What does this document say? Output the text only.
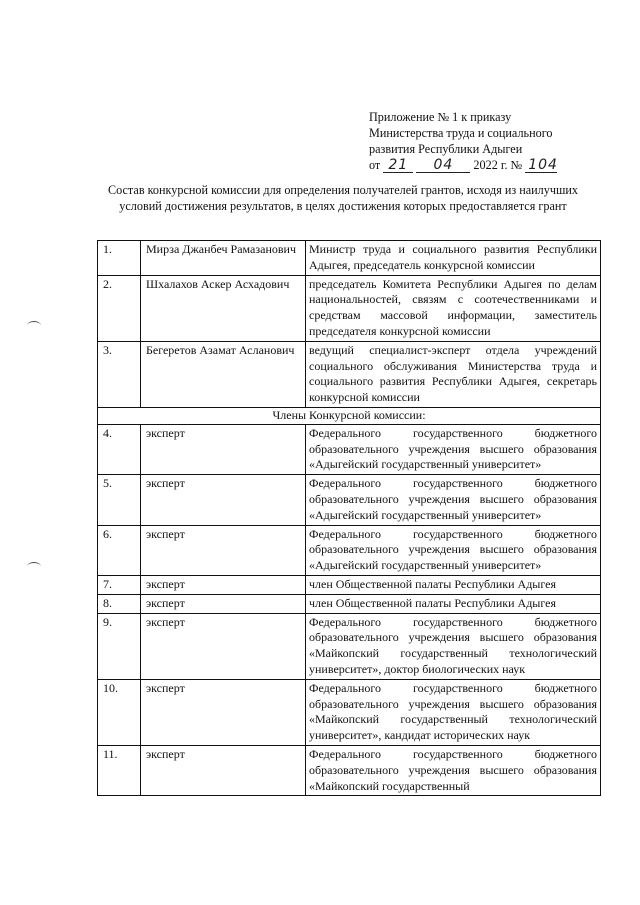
Приложение № 1 к приказу
Министерства труда и социального
развития Республики Адыгеи
от 21 04 2022 г. № 104
Состав конкурсной комиссии для определения получателей грантов, исходя из наилучших условий достижения результатов, в целях достижения которых предоставляется грант
1.	Мирза Джанбеч Рамазанович	Министр труда и социального развития Республики Адыгея, председатель конкурсной комиссии
2.	Шхалахов Аскер Асхадович	председатель Комитета Республики Адыгея по делам национальностей, связям с соотечественниками и средствам массовой информации, заместитель председателя конкурсной комиссии
3.	Бегеретов Азамат Асланович	ведущий специалист-эксперт отдела учреждений социального обслуживания Министерства труда и социального развития Республики Адыгея, секретарь конкурсной комиссии
Члены Конкурсной комиссии:		
4.	эксперт	Федерального государственного бюджетного образовательного учреждения высшего образования «Адыгейский государственный университет»
5.	эксперт	Федерального государственного бюджетного образовательного учреждения высшего образования «Адыгейский государственный университет»
6.	эксперт	Федерального государственного бюджетного образовательного учреждения высшего образования «Адыгейский государственный университет»
7.	эксперт	член Общественной палаты Республики Адыгея
8.	эксперт	член Общественной палаты Республики Адыгея
9.	эксперт	Федерального государственного бюджетного образовательного учреждения высшего образования «Майкопский государственный технологический университет», доктор биологических наук
10.	эксперт	Федерального государственного бюджетного образовательного учреждения высшего образования «Майкопский государственный технологический университет», кандидат исторических наук
11.	эксперт	Федерального государственного бюджетного образовательного учреждения высшего образования «Майкопский государственный
